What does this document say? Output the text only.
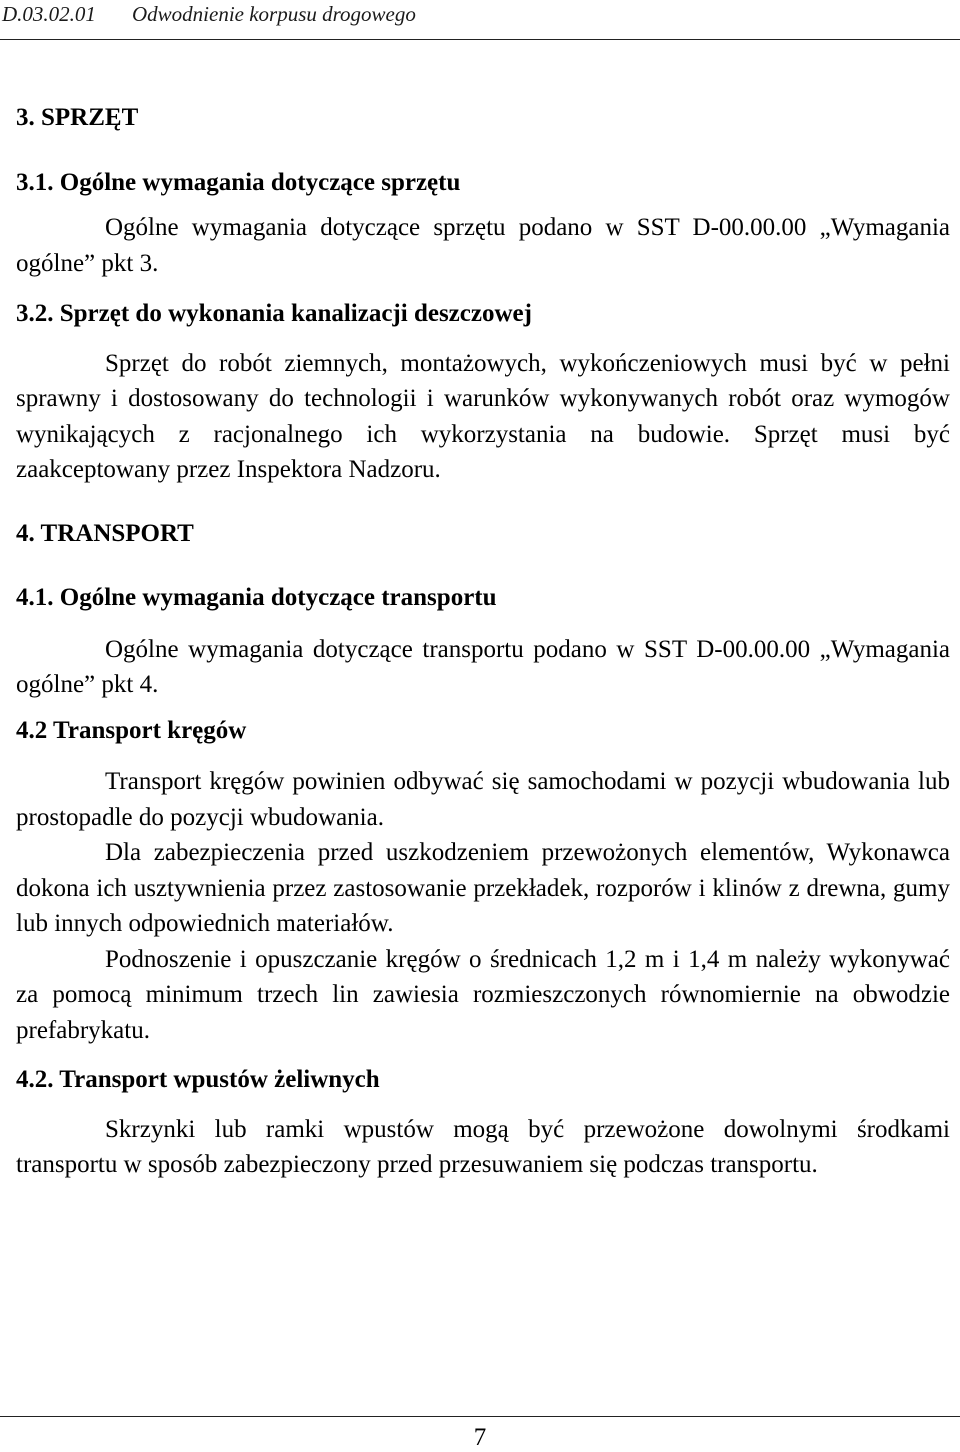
D.03.02.01 Odwodnienie korpusu drogowego

3. SPRZĘT

3.1. Ogólne wymagania dotyczące sprzętu

Ogólne wymagania dotyczące sprzętu podano w SST D-00.00.00 „Wymagania ogólne” pkt 3.

3.2. Sprzęt do wykonania kanalizacji deszczowej

Sprzęt do robót ziemnych, montażowych, wykończeniowych musi być w pełni sprawny i dostosowany do technologii i warunków wykonywanych robót oraz wymogów wynikających z racjonalnego ich wykorzystania na budowie. Sprzęt musi być zaakceptowany przez Inspektora Nadzoru.

4. TRANSPORT

4.1. Ogólne wymagania dotyczące transportu

Ogólne wymagania dotyczące transportu podano w SST D-00.00.00 „Wymagania ogólne” pkt 4.

4.2 Transport kręgów

Transport kręgów powinien odbywać się samochodami w pozycji wbudowania lub prostopadle do pozycji wbudowania.

Dla zabezpieczenia przed uszkodzeniem przewożonych elementów, Wykonawca dokona ich usztywnienia przez zastosowanie przekładek, rozporów i klinów z drewna, gumy lub innych odpowiednich materiałów.

Podnoszenie i opuszczanie kręgów o średnicach 1,2 m i 1,4 m należy wykonywać za pomocą minimum trzech lin zawiesia rozmieszczonych równomiernie na obwodzie prefabrykatu.

4.2. Transport wpustów żeliwnych

Skrzynki lub ramki wpustów mogą być przewożone dowolnymi środkami transportu w sposób zabezpieczony przed przesuwaniem się podczas transportu.

7
